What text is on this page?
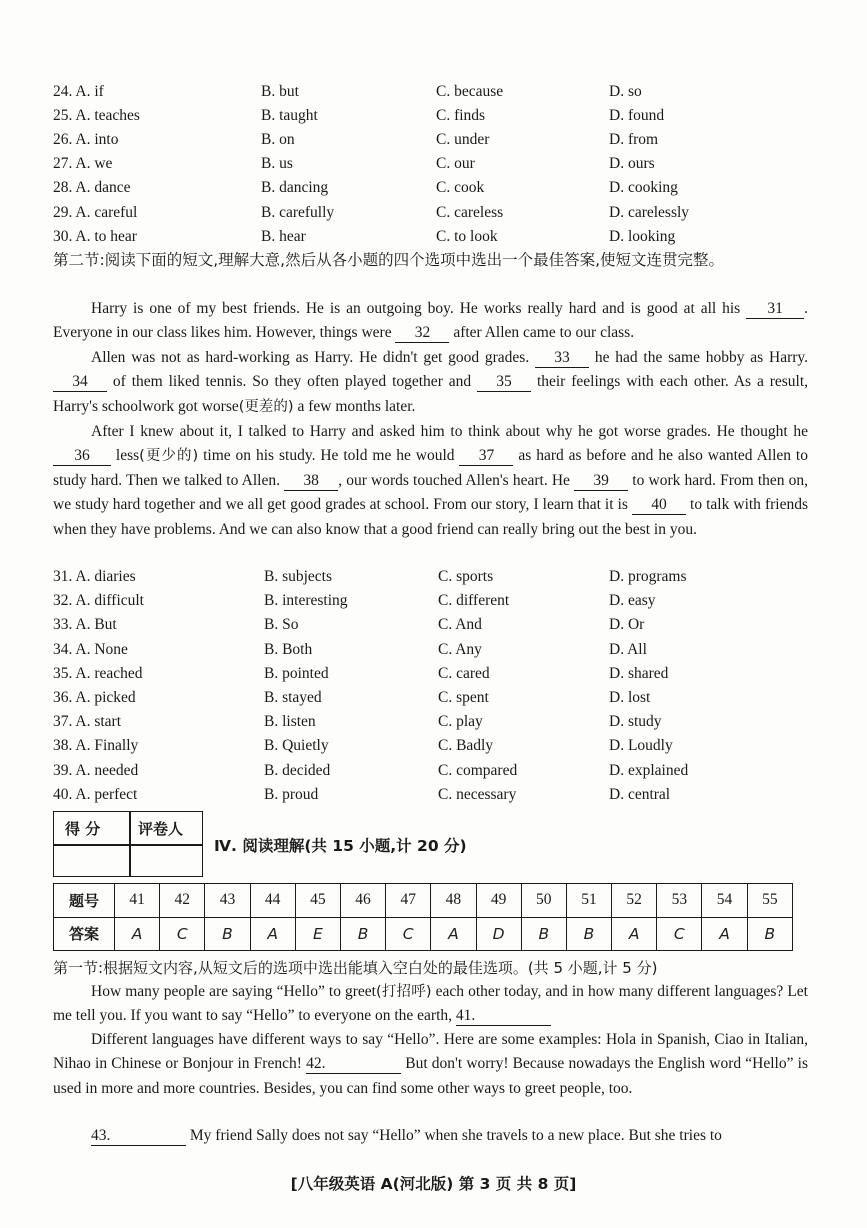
24. A. if	B. but	C. because	D. so
25. A. teaches	B. taught	C. finds	D. found
26. A. into	B. on	C. under	D. from
27. A. we	B. us	C. our	D. ours
28. A. dance	B. dancing	C. cook	D. cooking
29. A. careful	B. carefully	C. careless	D. carelessly
30. A. to hear	B. hear	C. to look	D. looking
第二节:阅读下面的短文,理解大意,然后从各小题的四个选项中选出一个最佳答案,使短文连贯完整。
Harry is one of my best friends. He is an outgoing boy. He works really hard and is good at all his 31 . Everyone in our class likes him. However, things were 32 after Allen came to our class.
Allen was not as hard-working as Harry. He didn't get good grades. 33 he had the same hobby as Harry. 34 of them liked tennis. So they often played together and 35 their feelings with each other. As a result, Harry's schoolwork got worse(更差的) a few months later.
After I knew about it, I talked to Harry and asked him to think about why he got worse grades. He thought he 36 less(更少的) time on his study. He told me he would 37 as hard as before and he also wanted Allen to study hard. Then we talked to Allen. 38 , our words touched Allen's heart. He 39 to work hard. From then on, we study hard together and we all get good grades at school. From our story, I learn that it is 40 to talk with friends when they have problems. And we can also know that a good friend can really bring out the best in you.
31. A. diaries	B. subjects	C. sports	D. programs
32. A. difficult	B. interesting	C. different	D. easy
33. A. But	B. So	C. And	D. Or
34. A. None	B. Both	C. Any	D. All
35. A. reached	B. pointed	C. cared	D. shared
36. A. picked	B. stayed	C. spent	D. lost
37. A. start	B. listen	C. play	D. study
38. A. Finally	B. Quietly	C. Badly	D. Loudly
39. A. needed	B. decided	C. compared	D. explained
40. A. perfect	B. proud	C. necessary	D. central
得 分	评卷人
Ⅳ. 阅读理解(共 15 小题,计 20 分)
题号	41	42	43	44	45	46	47	48	49	50	51	52	53	54	55
答案	A	C	B	A	E	B	C	A	D	B	B	A	C	A	B
第一节:根据短文内容,从短文后的选项中选出能填入空白处的最佳选项。(共 5 小题,计 5 分)
How many people are saying “Hello” to greet(打招呼) each other today, and in how many different languages? Let me tell you. If you want to say “Hello” to everyone on the earth, 41.
Different languages have different ways to say “Hello”. Here are some examples: Hola in Spanish, Ciao in Italian, Nihao in Chinese or Bonjour in French! 42.	But don't worry! Because nowadays the English word “Hello” is used in more and more countries. Besides, you can find some other ways to greet people, too.
43.	My friend Sally does not say “Hello” when she travels to a new place. But she tries to
[八年级英语 A(河北版) 第 3 页 共 8 页]
